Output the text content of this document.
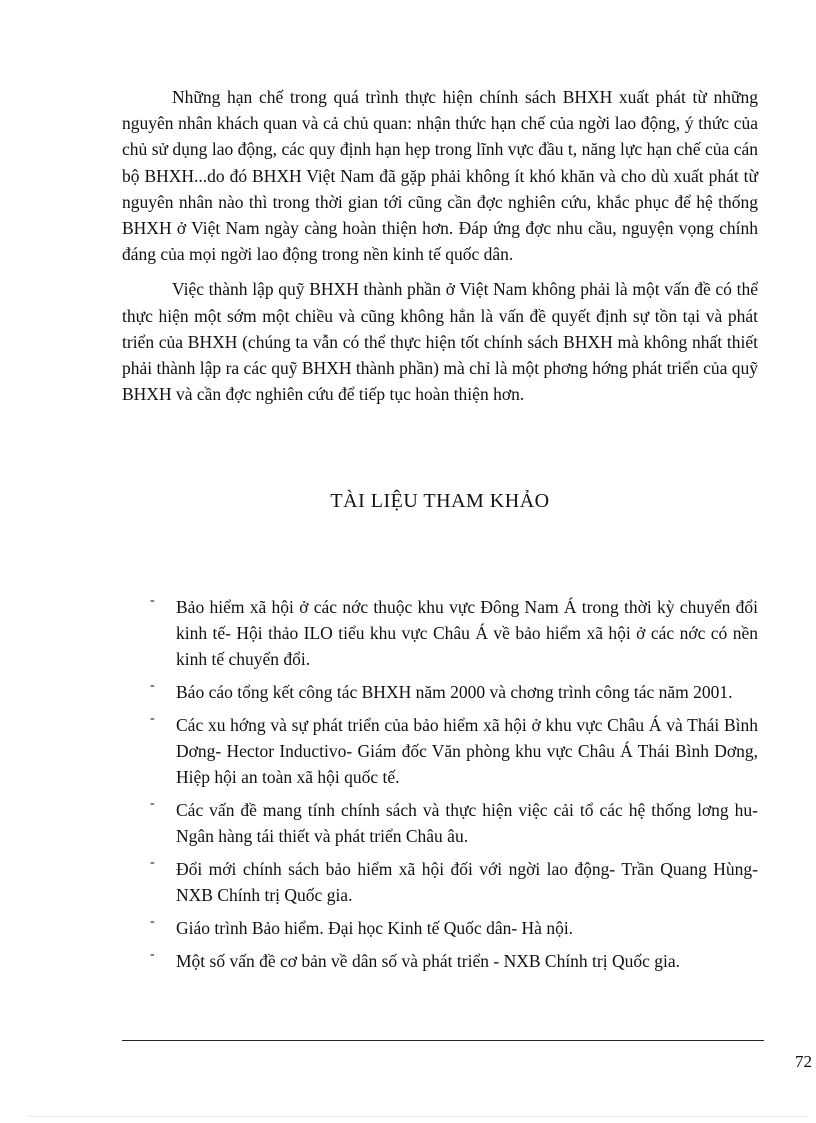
Những hạn chế trong quá trình thực hiện chính sách BHXH xuất phát từ những nguyên nhân khách quan và cả chủ quan: nhận thức hạn chế của ngời lao động, ý thức của chủ sử dụng lao động, các quy định hạn hẹp trong lĩnh vực đầu t, năng lực hạn chế của cán bộ BHXH...do đó BHXH Việt Nam đã gặp phải không ít khó khăn và cho dù xuất phát từ nguyên nhân nào thì trong thời gian tới cũng cần đợc nghiên cứu, khắc phục để hệ thống BHXH ở Việt Nam ngày càng hoàn thiện hơn. Đáp ứng đợc nhu cầu, nguyện vọng chính đáng của mọi ngời lao động trong nền kinh tế quốc dân.

Việc thành lập quỹ BHXH thành phần ở Việt Nam không phải là một vấn đề có thể thực hiện một sớm một chiều và cũng không hẳn là vấn đề quyết định sự tồn tại và phát triển của BHXH (chúng ta vẫn có thể thực hiện tốt chính sách BHXH mà không nhất thiết phải thành lập ra các quỹ BHXH thành phần) mà chỉ là một phơng hớng phát triển của quỹ BHXH và cần đợc nghiên cứu để tiếp tục hoàn thiện hơn.

TÀI LIỆU THAM KHẢO
- Bảo hiểm xã hội ở các nớc thuộc khu vực Đông Nam Á trong thời kỳ chuyển đổi kinh tế- Hội thảo ILO tiểu khu vực Châu Á về bảo hiểm xã hội ở các nớc có nền kinh tế chuyển đổi.
- Báo cáo tổng kết công tác BHXH năm 2000 và chơng trình công tác năm 2001.
- Các xu hớng và sự phát triển của bảo hiểm xã hội ở khu vực Châu Á và Thái Bình Dơng- Hector Inductivo- Giám đốc Văn phòng khu vực Châu Á Thái Bình Dơng, Hiệp hội an toàn xã hội quốc tế.
- Các vấn đề mang tính chính sách và thực hiện việc cải tổ các hệ thống lơng hu- Ngân hàng tái thiết và phát triển Châu âu.
- Đổi mới chính sách bảo hiểm xã hội đối với ngời lao động- Trần Quang Hùng- NXB Chính trị Quốc gia.
- Giáo trình Bảo hiểm. Đại học Kinh tế Quốc dân- Hà nội.
- Một số vấn đề cơ bản về dân số và phát triển - NXB Chính trị Quốc gia.
72
